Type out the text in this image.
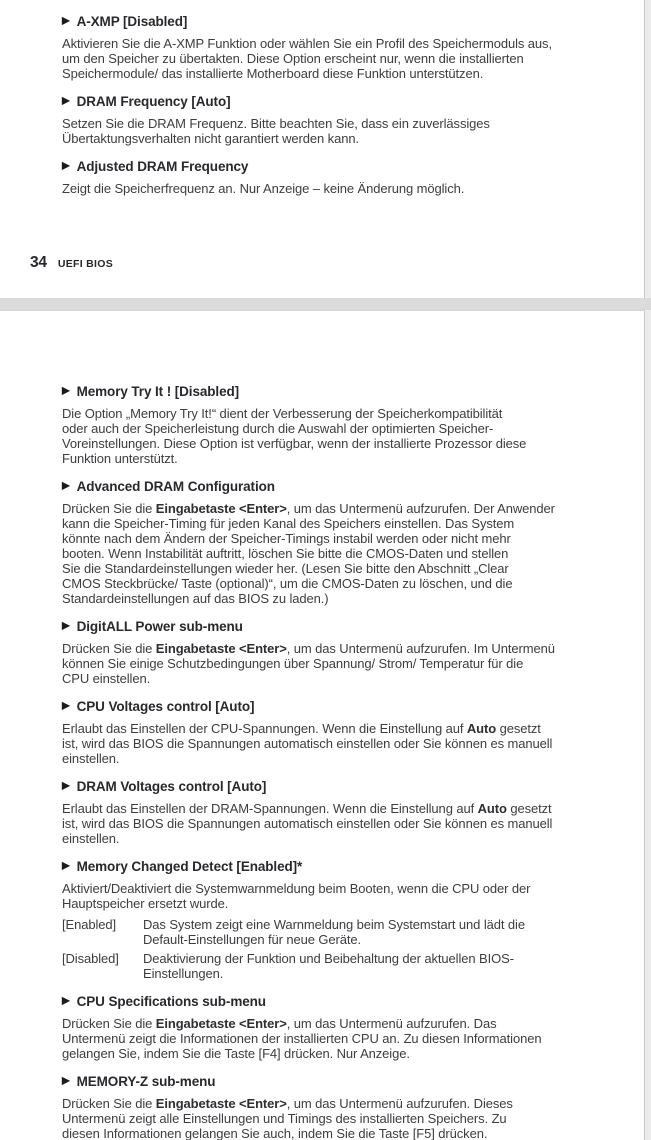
▶ A-XMP [Disabled]
Aktivieren Sie die A-XMP Funktion oder wählen Sie ein Profil des Speichermoduls aus,
um den Speicher zu übertakten. Diese Option erscheint nur, wenn die installierten
Speichermodule/ das installierte Motherboard diese Funktion unterstützen.
▶ DRAM Frequency [Auto]
Setzen Sie die DRAM Frequenz. Bitte beachten Sie, dass ein zuverlässiges
Übertaktungsverhalten nicht garantiert werden kann.
▶ Adjusted DRAM Frequency
Zeigt die Speicherfrequenz an. Nur Anzeige – keine Änderung möglich.
34 UEFI BIOS
▶ Memory Try It ! [Disabled]
Die Option „Memory Try It!“ dient der Verbesserung der Speicherkompatibilität
oder auch der Speicherleistung durch die Auswahl der optimierten Speicher-
Voreinstellungen. Diese Option ist verfügbar, wenn der installierte Prozessor diese
Funktion unterstützt.
▶ Advanced DRAM Configuration
Drücken Sie die Eingabetaste <Enter>, um das Untermenü aufzurufen. Der Anwender
kann die Speicher-Timing für jeden Kanal des Speichers einstellen. Das System
könnte nach dem Ändern der Speicher-Timings instabil werden oder nicht mehr
booten. Wenn Instabilität auftritt, löschen Sie bitte die CMOS-Daten und stellen
Sie die Standardeinstellungen wieder her. (Lesen Sie bitte den Abschnitt „Clear
CMOS Steckbrücke/ Taste (optional)“, um die CMOS-Daten zu löschen, und die
Standardeinstellungen auf das BIOS zu laden.)
▶ DigitALL Power sub-menu
Drücken Sie die Eingabetaste <Enter>, um das Untermenü aufzurufen. Im Untermenü
können Sie einige Schutzbedingungen über Spannung/ Strom/ Temperatur für die
CPU einstellen.
▶ CPU Voltages control [Auto]
Erlaubt das Einstellen der CPU-Spannungen. Wenn die Einstellung auf Auto gesetzt
ist, wird das BIOS die Spannungen automatisch einstellen oder Sie können es manuell
einstellen.
▶ DRAM Voltages control [Auto]
Erlaubt das Einstellen der DRAM-Spannungen. Wenn die Einstellung auf Auto gesetzt
ist, wird das BIOS die Spannungen automatisch einstellen oder Sie können es manuell
einstellen.
▶ Memory Changed Detect [Enabled]*
Aktiviert/Deaktiviert die Systemwarnmeldung beim Booten, wenn die CPU oder der
Hauptspeicher ersetzt wurde.
[Enabled]	Das System zeigt eine Warnmeldung beim Systemstart und lädt die
Default-Einstellungen für neue Geräte.
[Disabled]	Deaktivierung der Funktion und Beibehaltung der aktuellen BIOS-
Einstellungen.
▶ CPU Specifications sub-menu
Drücken Sie die Eingabetaste <Enter>, um das Untermenü aufzurufen. Das
Untermenü zeigt die Informationen der installierten CPU an. Zu diesen Informationen
gelangen Sie, indem Sie die Taste [F4] drücken. Nur Anzeige.
▶ MEMORY-Z sub-menu
Drücken Sie die Eingabetaste <Enter>, um das Untermenü aufzurufen. Dieses
Untermenü zeigt alle Einstellungen und Timings des installierten Speichers. Zu
diesen Informationen gelangen Sie auch, indem Sie die Taste [F5] drücken.
